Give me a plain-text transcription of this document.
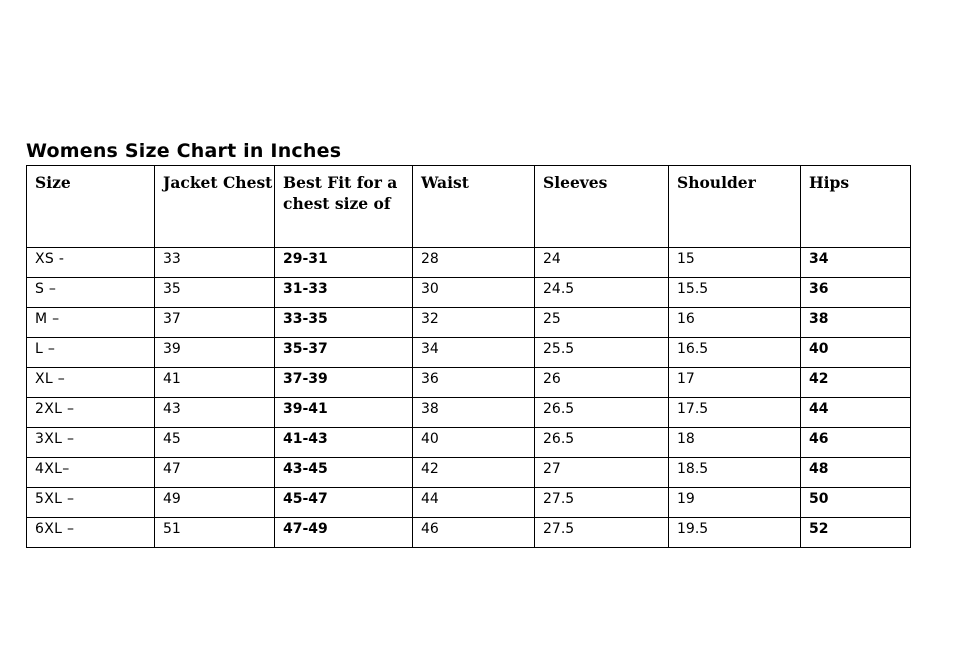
Womens Size Chart in Inches
Size	Jacket Chest	Best Fit for a chest size of	Waist	Sleeves	Shoulder	Hips
XS -	33	29-31	28	24	15	34
S –	35	31-33	30	24.5	15.5	36
M –	37	33-35	32	25	16	38
L –	39	35-37	34	25.5	16.5	40
XL –	41	37-39	36	26	17	42
2XL –	43	39-41	38	26.5	17.5	44
3XL –	45	41-43	40	26.5	18	46
4XL–	47	43-45	42	27	18.5	48
5XL –	49	45-47	44	27.5	19	50
6XL –	51	47-49	46	27.5	19.5	52
